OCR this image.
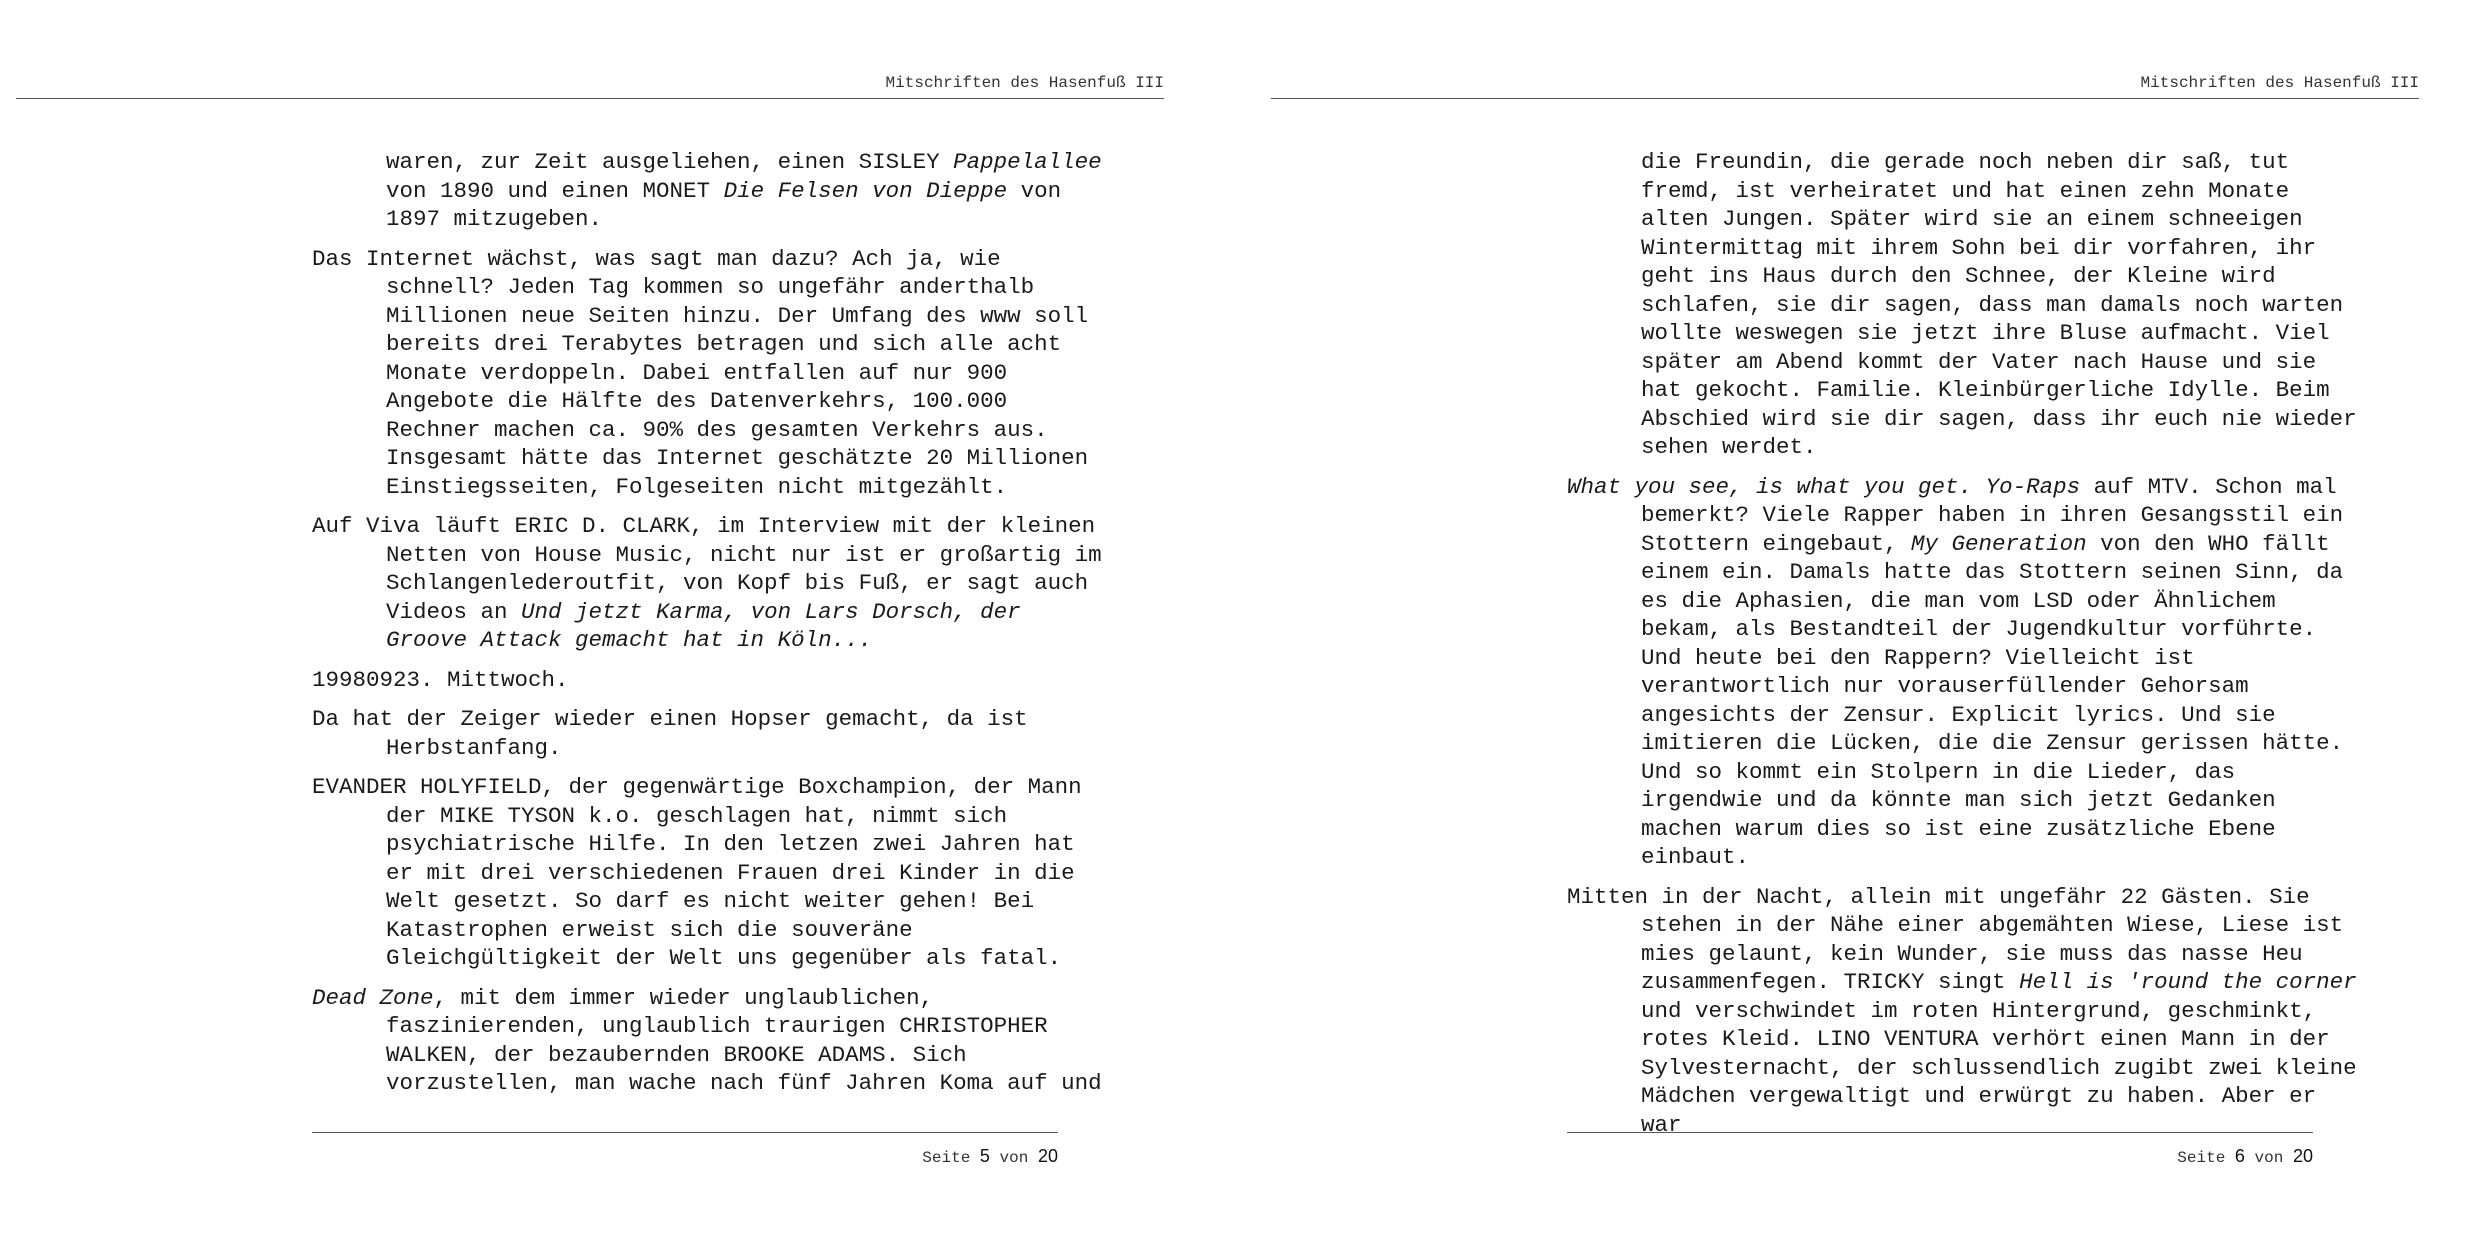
Mitschriften des Hasenfuß III

waren, zur Zeit ausgeliehen, einen SISLEY Pappelallee von 1890 und einen MONET Die Felsen von Dieppe von 1897 mitzugeben.

Das Internet wächst, was sagt man dazu? Ach ja, wie schnell? Jeden Tag kommen so ungefähr anderthalb Millionen neue Seiten hinzu. Der Umfang des www soll bereits drei Terabytes betragen und sich alle acht Monate verdoppeln. Dabei entfallen auf nur 900 Angebote die Hälfte des Datenverkehrs, 100.000 Rechner machen ca. 90% des gesamten Verkehrs aus. Insgesamt hätte das Internet geschätzte 20 Millionen Einstiegsseiten, Folgeseiten nicht mitgezählt.

Auf Viva läuft ERIC D. CLARK, im Interview mit der kleinen Netten von House Music, nicht nur ist er großartig im Schlangenlederoutfit, von Kopf bis Fuß, er sagt auch Videos an Und jetzt Karma, von Lars Dorsch, der Groove Attack gemacht hat in Köln...

19980923. Mittwoch.

Da hat der Zeiger wieder einen Hopser gemacht, da ist Herbstanfang.

EVANDER HOLYFIELD, der gegenwärtige Boxchampion, der Mann der MIKE TYSON k.o. geschlagen hat, nimmt sich psychiatrische Hilfe. In den letzen zwei Jahren hat er mit drei verschiedenen Frauen drei Kinder in die Welt gesetzt. So darf es nicht weiter gehen! Bei Katastrophen erweist sich die souveräne Gleichgültigkeit der Welt uns gegenüber als fatal.

Dead Zone, mit dem immer wieder unglaublichen, faszinierenden, unglaublich traurigen CHRISTOPHER WALKEN, der bezaubernden BROOKE ADAMS. Sich vorzustellen, man wache nach fünf Jahren Koma auf und

Seite 5 von 20
Mitschriften des Hasenfuß III

die Freundin, die gerade noch neben dir saß, tut fremd, ist verheiratet und hat einen zehn Monate alten Jungen. Später wird sie an einem schneeigen Wintermittag mit ihrem Sohn bei dir vorfahren, ihr geht ins Haus durch den Schnee, der Kleine wird schlafen, sie dir sagen, dass man damals noch warten wollte weswegen sie jetzt ihre Bluse aufmacht. Viel später am Abend kommt der Vater nach Hause und sie hat gekocht. Familie. Kleinbürgerliche Idylle. Beim Abschied wird sie dir sagen, dass ihr euch nie wieder sehen werdet.

What you see, is what you get. Yo-Raps auf MTV. Schon mal bemerkt? Viele Rapper haben in ihren Gesangsstil ein Stottern eingebaut, My Generation von den WHO fällt einem ein. Damals hatte das Stottern seinen Sinn, da es die Aphasien, die man vom LSD oder Ähnlichem bekam, als Bestandteil der Jugendkultur vorführte. Und heute bei den Rappern? Vielleicht ist verantwortlich nur vorauserfüllender Gehorsam angesichts der Zensur. Explicit lyrics. Und sie imitieren die Lücken, die die Zensur gerissen hätte. Und so kommt ein Stolpern in die Lieder, das irgendwie und da könnte man sich jetzt Gedanken machen warum dies so ist eine zusätzliche Ebene einbaut.

Mitten in der Nacht, allein mit ungefähr 22 Gästen. Sie stehen in der Nähe einer abgemähten Wiese, Liese ist mies gelaunt, kein Wunder, sie muss das nasse Heu zusammenfegen. TRICKY singt Hell is 'round the corner und verschwindet im roten Hintergrund, geschminkt, rotes Kleid. LINO VENTURA verhört einen Mann in der Sylvesternacht, der schlussendlich zugibt zwei kleine Mädchen vergewaltigt und erwürgt zu haben. Aber er war

Seite 6 von 20
